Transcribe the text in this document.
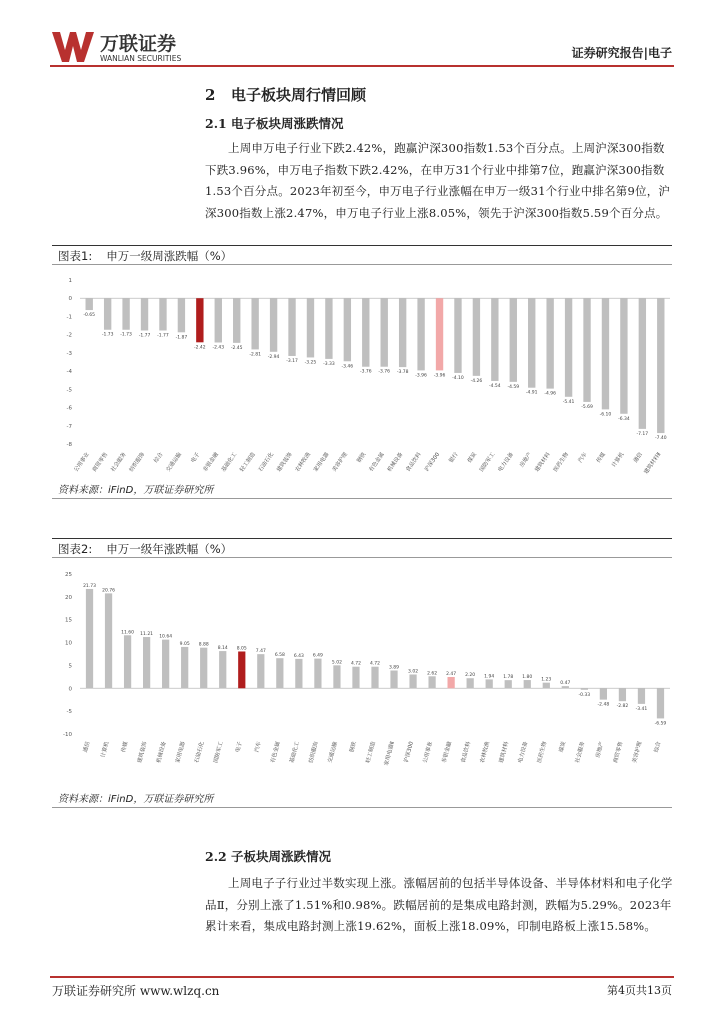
万联证券
WANLIAN SECURITIES	证券研究报告|电子
2 电子板块周行情回顾
2.1 电子板块周涨跌情况
上周申万电子行业下跌2.42%，跑赢沪深300指数1.53个百分点。上周沪深300指数下跌3.96%，申万电子指数下跌2.42%，在申万31个行业中排第7位，跑赢沪深300指数1.53个百分点。2023年初至今，申万电子行业涨幅在申万一级31个行业中排名第9位，沪深300指数上涨2.47%，申万电子行业上涨8.05%，领先于沪深300指数5.59个百分点。
图表1: 申万一级周涨跌幅（%）
1
0
-1
-2
-3
-4
-5
-6
-7
-8
-0.65
公用事业
-1.73
商贸零售
-1.73
社会服务
-1.77
纺织服饰
-1.77
综合
-1.87
交通运输
-2.42
电子
-2.43
非银金融
-2.45
基础化工
-2.81
轻工制造
-2.94
石油石化
-3.17
建筑装饰
-3.25
农林牧渔
-3.33
家用电器
-3.46
美容护理
-3.76
钢铁
-3.76
有色金属
-3.78
机械设备
-3.96
食品饮料
-3.96
沪深300
-4.10
银行
-4.26
煤炭
-4.54
国防军工
-4.59
电力设备
-4.91
房地产
-4.96
建筑材料
-5.41
医药生物
-5.69
汽车
-6.10
传媒
-6.34
计算机
-7.17
通信
-7.40
建筑材料Ⅱ
资料来源：iFinD，万联证券研究所
图表2: 申万一级年涨跌幅（%）
25
20
15
10
5
0
-5
-10
21.73
通信
20.76
计算机
11.60
传媒
11.21
建筑装饰
10.64
机械设备
9.05
家用电器
8.88
石油石化
8.14
国防军工
8.05
电子
7.47
汽车
6.58
有色金属
6.43
基础化工
6.49
纺织服饰
5.02
交通运输
4.72
钢铁
4.72
轻工制造
3.89
家用电器Ⅱ
3.02
沪深300
2.62
公用事业
2.47
非银金融
2.20
食品饮料
1.94
农林牧渔
1.78
建筑材料
1.80
电力设备
1.23
医药生物
0.47
煤炭
-0.33
社会服务
-2.48
房地产
-2.82
商贸零售
-3.41
美容护理
-6.59
综合
资料来源：iFinD，万联证券研究所
2.2 子板块周涨跌情况
上周电子子行业过半数实现上涨。涨幅居前的包括半导体设备、半导体材料和电子化学品Ⅱ，分别上涨了1.51%和0.98%。跌幅居前的是集成电路封测，跌幅为5.29%。2023年累计来看，集成电路封测上涨19.62%，面板上涨18.09%，印制电路板上涨15.58%。
万联证券研究所 www.wlzq.cn	第4页共13页
